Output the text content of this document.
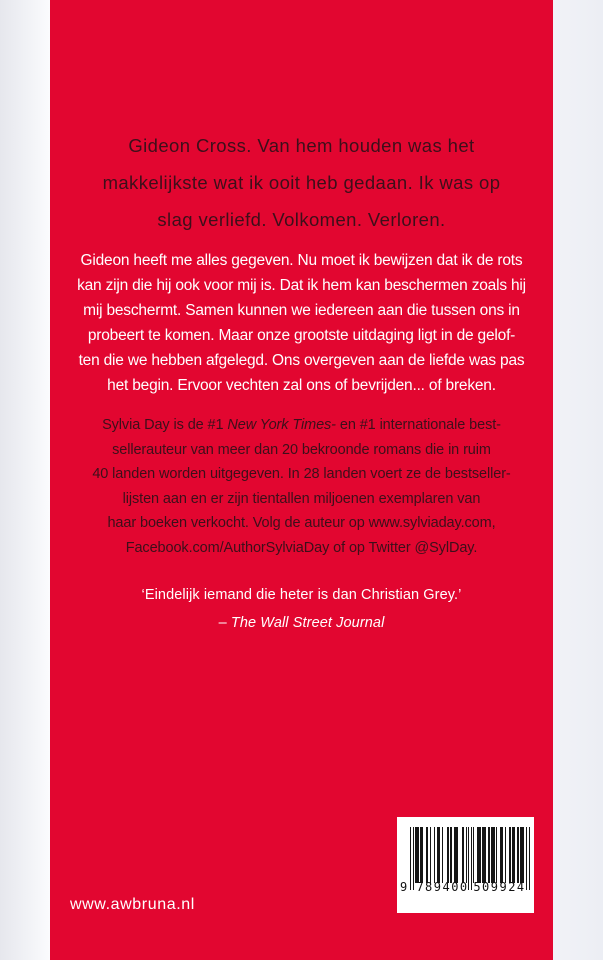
Gideon Cross. Van hem houden was het
makkelijkste wat ik ooit heb gedaan. Ik was op
slag verliefd. Volkomen. Verloren.
Gideon heeft me alles gegeven. Nu moet ik bewijzen dat ik de rots
kan zijn die hij ook voor mij is. Dat ik hem kan beschermen zoals hij
mij beschermt. Samen kunnen we iedereen aan die tussen ons in
probeert te komen. Maar onze grootste uitdaging ligt in de gelof-
ten die we hebben afgelegd. Ons overgeven aan de liefde was pas
het begin. Ervoor vechten zal ons of bevrijden... of breken.
Sylvia Day is de #1 New York Times- en #1 internationale best-
sellerauteur van meer dan 20 bekroonde romans die in ruim
40 landen worden uitgegeven. In 28 landen voert ze de bestseller-
lijsten aan en er zijn tientallen miljoenen exemplaren van
haar boeken verkocht. Volg de auteur op www.sylviaday.com,
Facebook.com/AuthorSylviaDay of op Twitter @SylDay.
‘Eindelijk iemand die heter is dan Christian Grey.’
– The Wall Street Journal
9 789400 509924
www.awbruna.nl
